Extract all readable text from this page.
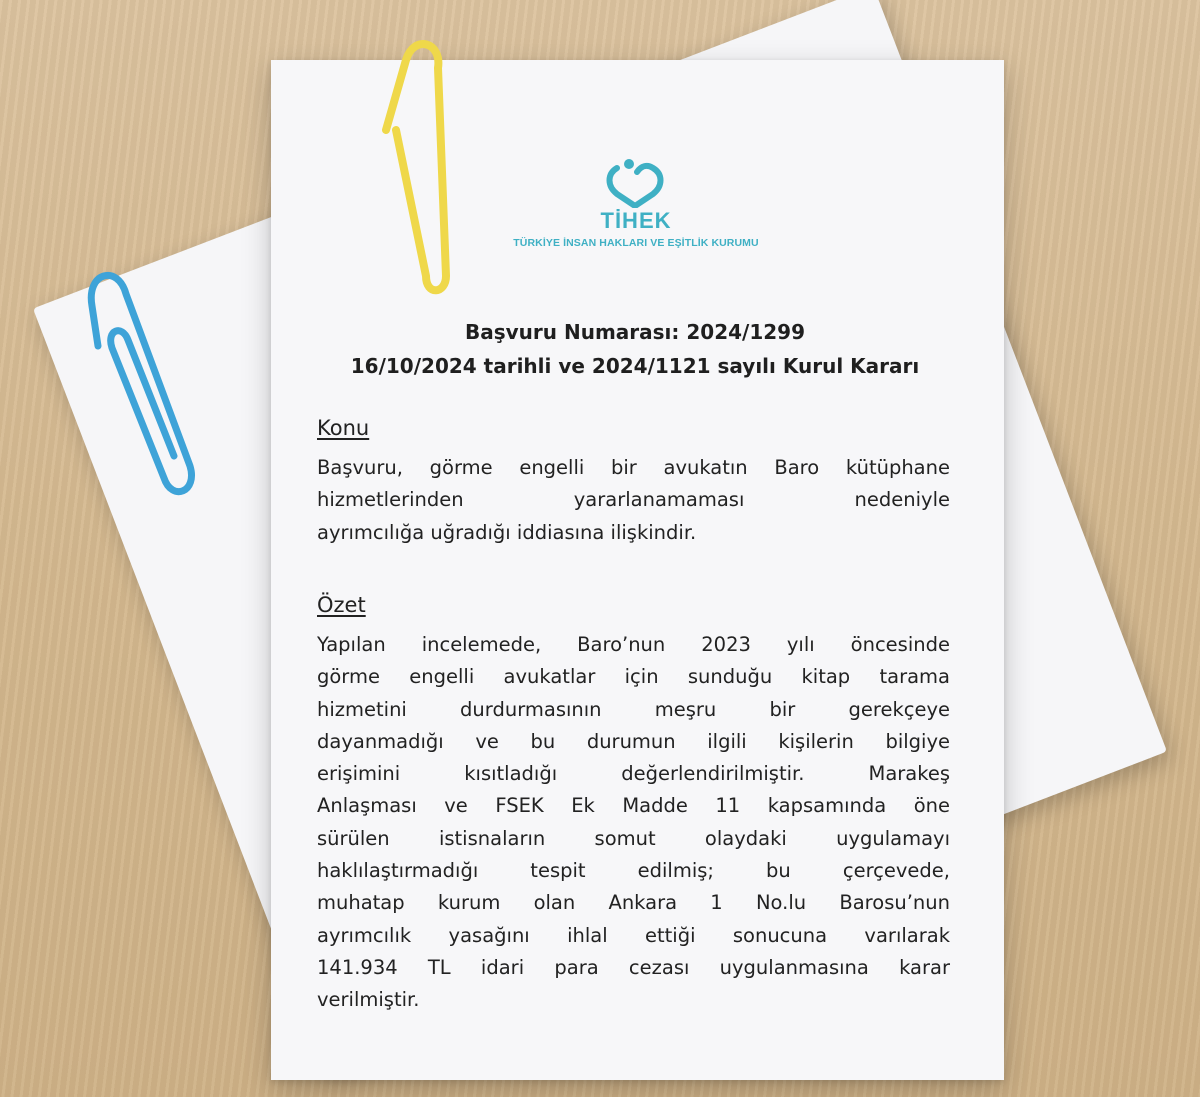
TİHEK
TÜRKİYE İNSAN HAKLARI VE EŞİTLİK KURUMU
Başvuru Numarası: 2024/1299
16/10/2024 tarihli ve 2024/1121 sayılı Kurul Kararı
Konu
Başvuru, görme engelli bir avukatın Baro kütüphane
hizmetlerinden yararlanamaması nedeniyle
ayrımcılığa uğradığı iddiasına ilişkindir.
Özet
Yapılan incelemede, Baro’nun 2023 yılı öncesinde
görme engelli avukatlar için sunduğu kitap tarama
hizmetini durdurmasının meşru bir gerekçeye
dayanmadığı ve bu durumun ilgili kişilerin bilgiye
erişimini kısıtladığı değerlendirilmiştir. Marakeş
Anlaşması ve FSEK Ek Madde 11 kapsamında öne
sürülen istisnaların somut olaydaki uygulamayı
haklılaştırmadığı tespit edilmiş; bu çerçevede,
muhatap kurum olan Ankara 1 No.lu Barosu’nun
ayrımcılık yasağını ihlal ettiği sonucuna varılarak
141.934 TL idari para cezası uygulanmasına karar
verilmiştir.
